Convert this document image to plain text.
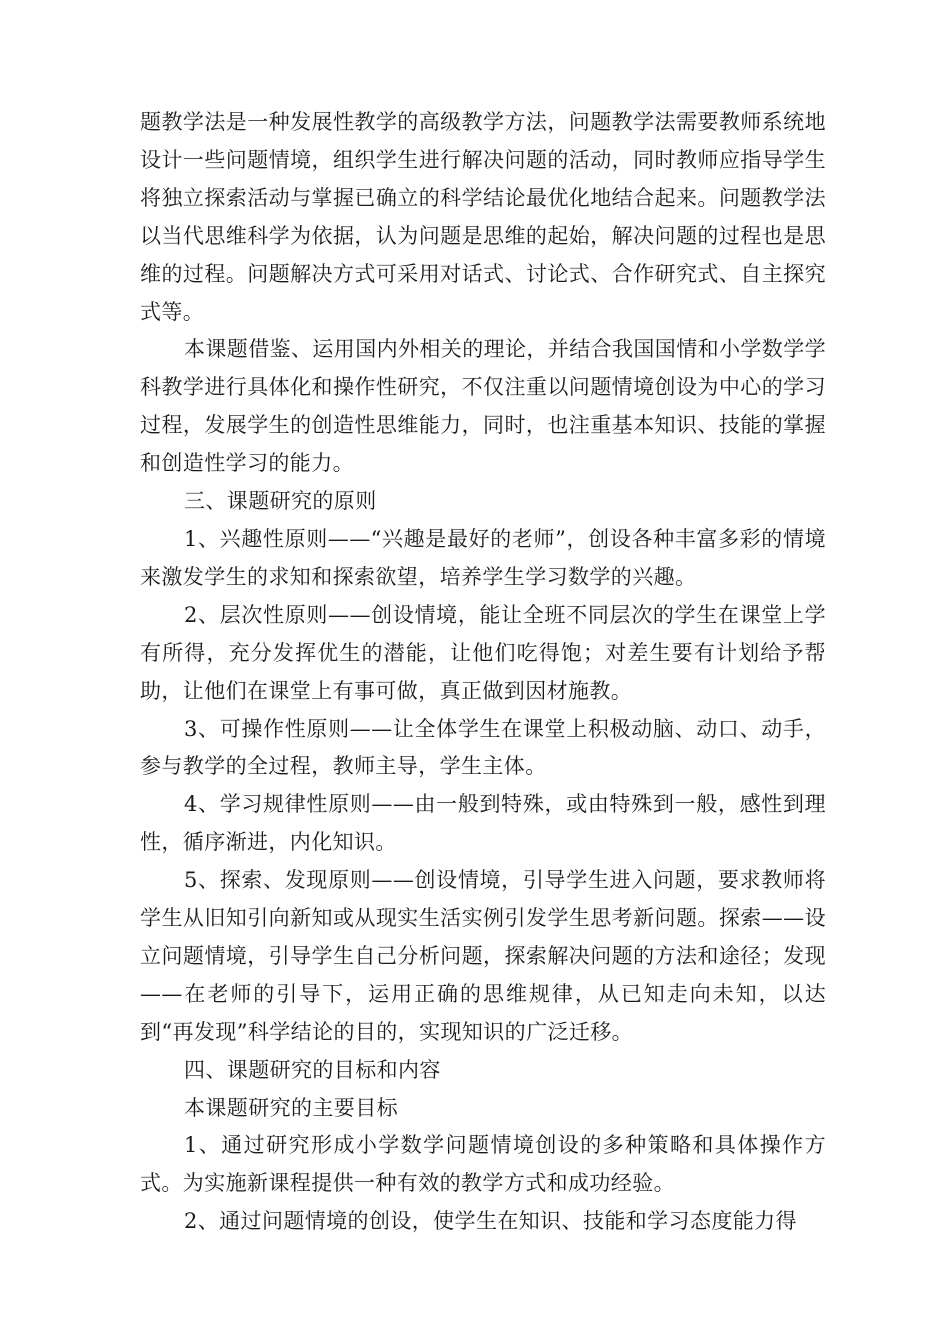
题教学法是一种发展性教学的高级教学方法，问题教学法需要教师系统地设计一些问题情境，组织学生进行解决问题的活动，同时教师应指导学生将独立探索活动与掌握已确立的科学结论最优化地结合起来。问题教学法以当代思维科学为依据，认为问题是思维的起始，解决问题的过程也是思维的过程。问题解决方式可采用对话式、讨论式、合作研究式、自主探究式等。

本课题借鉴、运用国内外相关的理论，并结合我国国情和小学数学学科教学进行具体化和操作性研究，不仅注重以问题情境创设为中心的学习过程，发展学生的创造性思维能力，同时，也注重基本知识、技能的掌握和创造性学习的能力。

三、课题研究的原则

1、兴趣性原则——“兴趣是最好的老师”，创设各种丰富多彩的情境来激发学生的求知和探索欲望，培养学生学习数学的兴趣。

2、层次性原则——创设情境，能让全班不同层次的学生在课堂上学有所得，充分发挥优生的潜能，让他们吃得饱；对差生要有计划给予帮助，让他们在课堂上有事可做，真正做到因材施教。

3、可操作性原则——让全体学生在课堂上积极动脑、动口、动手，参与教学的全过程，教师主导，学生主体。

4、学习规律性原则——由一般到特殊，或由特殊到一般，感性到理性，循序渐进，内化知识。

5、探索、发现原则——创设情境，引导学生进入问题，要求教师将学生从旧知引向新知或从现实生活实例引发学生思考新问题。探索——设立问题情境，引导学生自己分析问题，探索解决问题的方法和途径；发现——在老师的引导下，运用正确的思维规律，从已知走向未知，以达到“再发现”科学结论的目的，实现知识的广泛迁移。

四、课题研究的目标和内容

本课题研究的主要目标

1、通过研究形成小学数学问题情境创设的多种策略和具体操作方式。为实施新课程提供一种有效的教学方式和成功经验。

2、通过问题情境的创设，使学生在知识、技能和学习态度能力得
